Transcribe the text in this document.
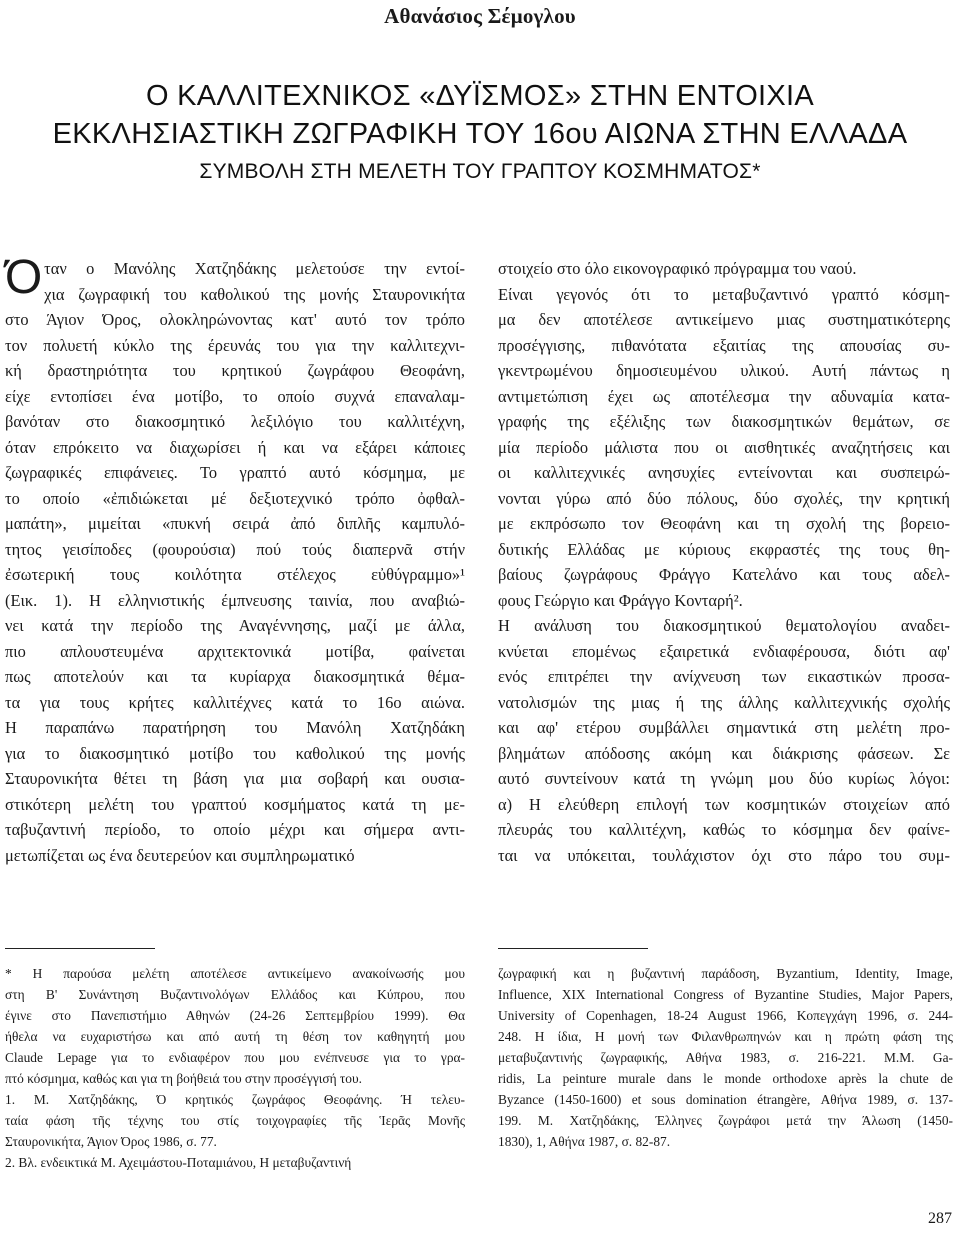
Αθανάσιος Σέμογλου
Ο ΚΑΛΛΙΤΕΧΝΙΚΟΣ «ΔΥΪΣΜΟΣ» ΣΤΗΝ ΕΝΤΟΙΧΙΑ
ΕΚΚΛΗΣΙΑΣΤΙΚΗ ΖΩΓΡΑΦΙΚΗ ΤΟΥ 16ου ΑΙΩΝΑ ΣΤΗΝ ΕΛΛΑΔΑ
ΣΥΜΒΟΛΗ ΣΤΗ ΜΕΛΕΤΗ ΤΟΥ ΓΡΑΠΤΟΥ ΚΟΣΜΗΜΑΤΟΣ*
Ό ταν ο Μανόλης Χατζηδάκης μελετούσε την εντοί-
χια ζωγραφική του καθολικού της μονής Σταυρονικήτα
στο Άγιον Όρος, ολοκληρώνοντας κατ' αυτό τον τρόπο
τον πολυετή κύκλο της έρευνάς του για την καλλιτεχνι-
κή δραστηριότητα του κρητικού ζωγράφου Θεοφάνη,
είχε εντοπίσει ένα μοτίβο, το οποίο συχνά επαναλαμ-
βανόταν στο διακοσμητικό λεξιλόγιο του καλλιτέχνη,
όταν επρόκειτο να διαχωρίσει ή και να εξάρει κάποιες
ζωγραφικές επιφάνειες. Το γραπτό αυτό κόσμημα, με
το οποίο «ἐπιδιώκεται μέ δεξιοτεχνικό τρόπο ὀφθαλ-
μαπάτη», μιμείται «πυκνή σειρά ἀπό διπλῆς καμπυλό-
τητος γεισίποδες (φουρούσια) πού τούς διαπερνᾶ στήν
ἐσωτερική τους κοιλότητα στέλεχος εὐθύγραμμο»¹
(Εικ. 1). Η ελληνιστικής έμπνευσης ταινία, που αναβιώ-
νει κατά την περίοδο της Αναγέννησης, μαζί με άλλα,
πιο απλουστευμένα αρχιτεκτονικά μοτίβα, φαίνεται
πως αποτελούν και τα κυρίαρχα διακοσμητικά θέμα-
τα για τους κρήτες καλλιτέχνες κατά το 16ο αιώνα.
Η παραπάνω παρατήρηση του Μανόλη Χατζηδάκη
για το διακοσμητικό μοτίβο του καθολικού της μονής
Σταυρονικήτα θέτει τη βάση για μια σοβαρή και ουσια-
στικότερη μελέτη του γραπτού κοσμήματος κατά τη με-
ταβυζαντινή περίοδο, το οποίο μέχρι και σήμερα αντι-
μετωπίζεται ως ένα δευτερεύον και συμπληρωματικό
στοιχείο στο όλο εικονογραφικό πρόγραμμα του ναού.
Είναι γεγονός ότι το μεταβυζαντινό γραπτό κόσμη-
μα δεν αποτέλεσε αντικείμενο μιας συστηματικότερης
προσέγγισης, πιθανότατα εξαιτίας της απουσίας συ-
γκεντρωμένου δημοσιευμένου υλικού. Αυτή πάντως η
αντιμετώπιση έχει ως αποτέλεσμα την αδυναμία κατα-
γραφής της εξέλιξης των διακοσμητικών θεμάτων, σε
μία περίοδο μάλιστα που οι αισθητικές αναζητήσεις και
οι καλλιτεχνικές ανησυχίες εντείνονται και συσπειρώ-
νονται γύρω από δύο πόλους, δύο σχολές, την κρητική
με εκπρόσωπο τον Θεοφάνη και τη σχολή της βορειο-
δυτικής Ελλάδας με κύριους εκφραστές της τους θη-
βαίους ζωγράφους Φράγγο Κατελάνο και τους αδελ-
φους Γεώργιο και Φράγγο Κονταρή².
Η ανάλυση του διακοσμητικού θεματολογίου αναδει-
κνύεται επομένως εξαιρετικά ενδιαφέρουσα, διότι αφ'
ενός επιτρέπει την ανίχνευση των εικαστικών προσα-
νατολισμών της μιας ή της άλλης καλλιτεχνικής σχολής
και αφ' ετέρου συμβάλλει σημαντικά στη μελέτη προ-
βλημάτων απόδοσης ακόμη και διάκρισης φάσεων. Σε
αυτό συντείνουν κατά τη γνώμη μου δύο κυρίως λόγοι:
α) Η ελεύθερη επιλογή των κοσμητικών στοιχείων από
πλευράς του καλλιτέχνη, καθώς το κόσμημα δεν φαίνε-
ται να υπόκειται, τουλάχιστον όχι στο πάρο του συμ-
* Η παρούσα μελέτη αποτέλεσε αντικείμενο ανακοίνωσής μου
στη Β' Συνάντηση Βυζαντινολόγων Ελλάδος και Κύπρου, που
έγινε στο Πανεπιστήμιο Αθηνών (24-26 Σεπτεμβρίου 1999). Θα
ήθελα να ευχαριστήσω και από αυτή τη θέση τον καθηγητή μου
Claude Lepage για το ενδιαφέρον που μου ενέπνευσε για το γρα-
πτό κόσμημα, καθώς και για τη βοήθειά του στην προσέγγισή του.
1. Μ. Χατζηδάκης, Ό κρητικός ζωγράφος Θεοφάνης. Ή τελευ-
ταία φάση τῆς τέχνης του στίς τοιχογραφίες τῆς Ἱερᾶς Μονῆς
Σταυρονικήτα, Άγιον Όρος 1986, σ. 77.
2. Βλ. ενδεικτικά Μ. Αχειμάστου-Ποταμιάνου, Η μεταβυζαντινή
ζωγραφική και η βυζαντινή παράδοση, Byzantium, Identity, Image,
Influence, XIX International Congress of Byzantine Studies, Major Papers,
University of Copenhagen, 18-24 August 1966, Κοπεγχάγη 1996, σ. 244-
248. Η ίδια, Η μονή των Φιλανθρωπηνών και η πρώτη φάση της
μεταβυζαντινής ζωγραφικής, Αθήνα 1983, σ. 216-221. Μ.Μ. Ga-
ridis, La peinture murale dans le monde orthodoxe après la chute de
Byzance (1450-1600) et sous domination étrangère, Αθήνα 1989, σ. 137-
199. Μ. Χατζηδάκης, Έλληνες ζωγράφοι μετά την Άλωση (1450-
1830), 1, Αθήνα 1987, σ. 82-87.
287
